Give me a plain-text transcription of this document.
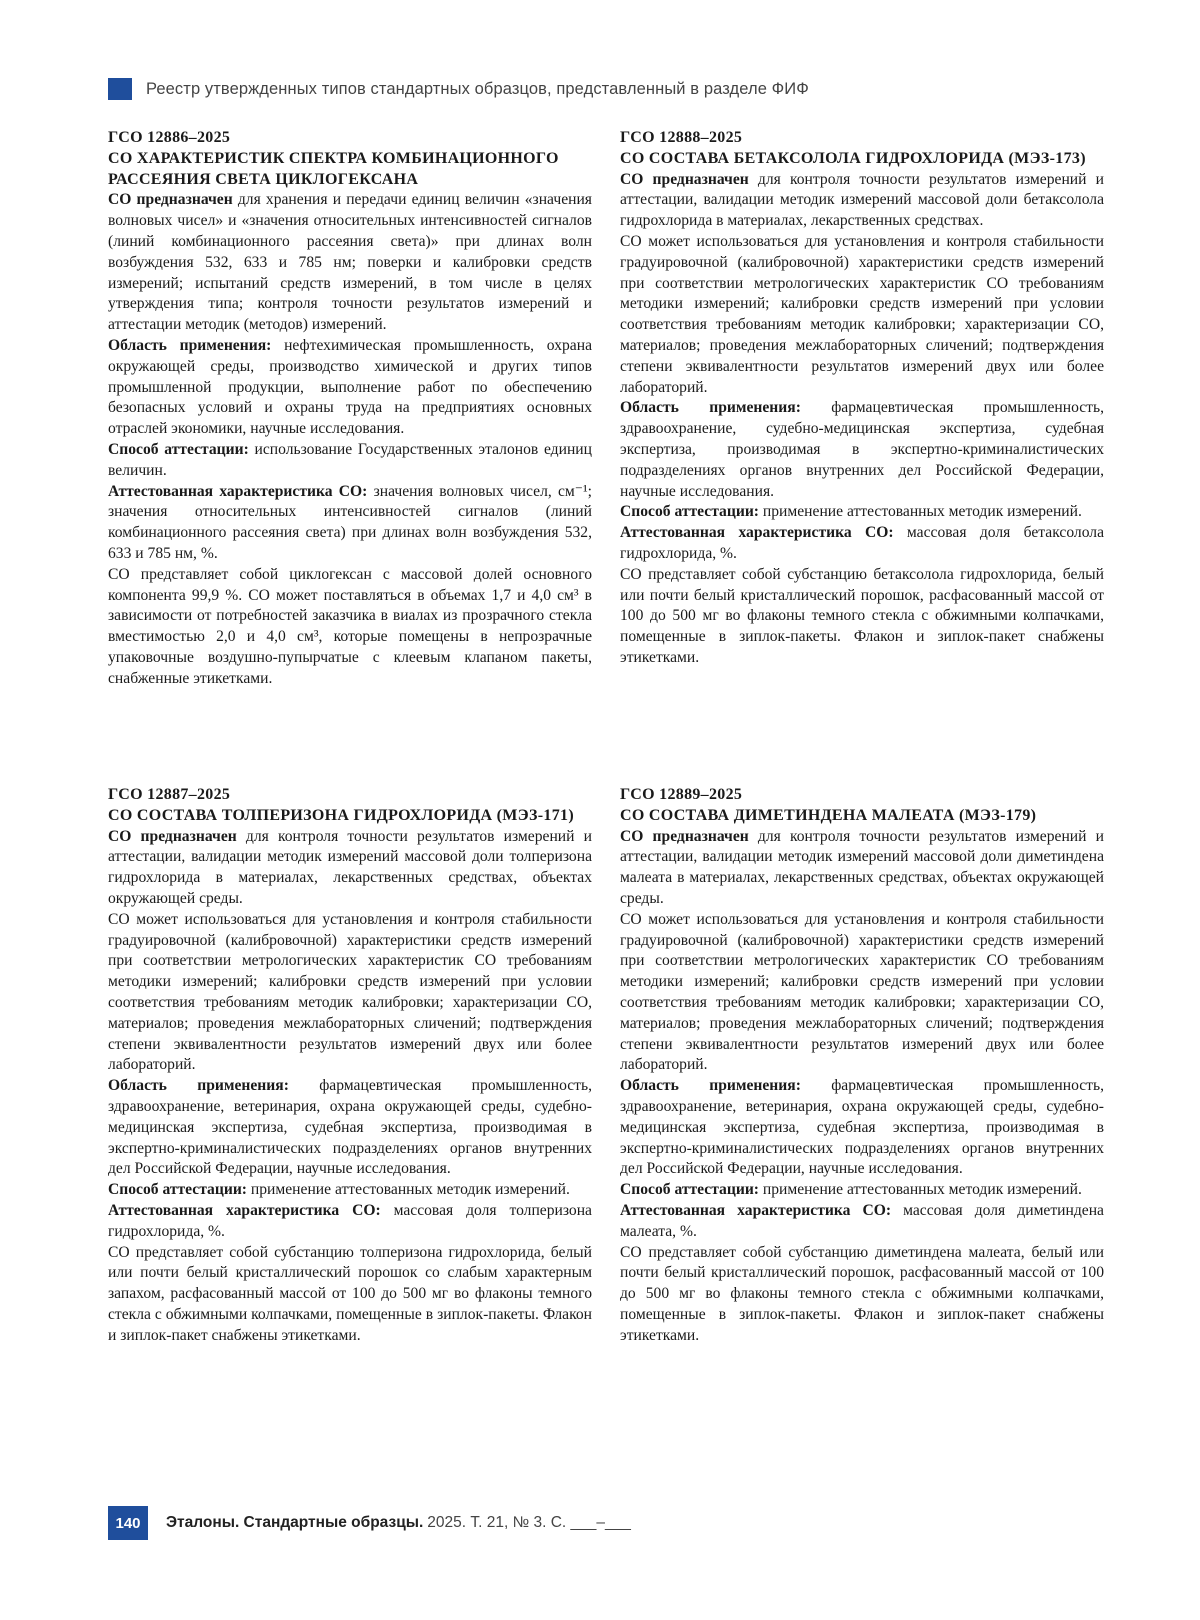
Реестр утвержденных типов стандартных образцов, представленный в разделе ФИФ
ГСО 12886–2025
СО ХАРАКТЕРИСТИК СПЕКТРА КОМБИНАЦИОННОГО РАССЕЯНИЯ СВЕТА ЦИКЛОГЕКСАНА

СО предназначен для хранения и передачи единиц величин «значения волновых чисел» и «значения относительных интенсивностей сигналов (линий комбинационного рассеяния света)» при длинах волн возбуждения 532, 633 и 785 нм; поверки и калибровки средств измерений; испытаний средств измерений, в том числе в целях утверждения типа; контроля точности результатов измерений и аттестации методик (методов) измерений.

Область применения: нефтехимическая промышленность, охрана окружающей среды, производство химической и других типов промышленной продукции, выполнение работ по обеспечению безопасных условий и охраны труда на предприятиях основных отраслей экономики, научные исследования.

Способ аттестации: использование Государственных эталонов единиц величин.

Аттестованная характеристика СО: значения волновых чисел, см⁻¹; значения относительных интенсивностей сигналов (линий комбинационного рассеяния света) при длинах волн возбуждения 532, 633 и 785 нм, %.

СО представляет собой циклогексан с массовой долей основного компонента 99,9 %. СО может поставляться в объемах 1,7 и 4,0 см³ в зависимости от потребностей заказчика в виалах из прозрачного стекла вместимостью 2,0 и 4,0 см³, которые помещены в непрозрачные упаковочные воздушно-пупырчатые с клеевым клапаном пакеты, снабженные этикетками.

ГСО 12888–2025
СО СОСТАВА БЕТАКСОЛОЛА ГИДРОХЛОРИДА (МЭЗ-173)

СО предназначен для контроля точности результатов измерений и аттестации, валидации методик измерений массовой доли бетаксолола гидрохлорида в материалах, лекарственных средствах.

СО может использоваться для установления и контроля стабильности градуировочной (калибровочной) характеристики средств измерений при соответствии метрологических характеристик СО требованиям методики измерений; калибровки средств измерений при условии соответствия требованиям методик калибровки; характеризации СО, материалов; проведения межлабораторных сличений; подтверждения степени эквивалентности результатов измерений двух или более лабораторий.

Область применения: фармацевтическая промышленность, здравоохранение, судебно-медицинская экспертиза, судебная экспертиза, производимая в экспертно-криминалистических подразделениях органов внутренних дел Российской Федерации, научные исследования.

Способ аттестации: применение аттестованных методик измерений.

Аттестованная характеристика СО: массовая доля бетаксолола гидрохлорида, %.

СО представляет собой субстанцию бетаксолола гидрохлорида, белый или почти белый кристаллический порошок, расфасованный массой от 100 до 500 мг во флаконы темного стекла с обжимными колпачками, помещенные в зиплок-пакеты. Флакон и зиплок-пакет снабжены этикетками.

ГСО 12887–2025
СО СОСТАВА ТОЛПЕРИЗОНА ГИДРОХЛОРИДА (МЭЗ-171)

СО предназначен для контроля точности результатов измерений и аттестации, валидации методик измерений массовой доли толперизона гидрохлорида в материалах, лекарственных средствах, объектах окружающей среды.

СО может использоваться для установления и контроля стабильности градуировочной (калибровочной) характеристики средств измерений при соответствии метрологических характеристик СО требованиям методики измерений; калибровки средств измерений при условии соответствия требованиям методик калибровки; характеризации СО, материалов; проведения межлабораторных сличений; подтверждения степени эквивалентности результатов измерений двух или более лабораторий.

Область применения: фармацевтическая промышленность, здравоохранение, ветеринария, охрана окружающей среды, судебно-медицинская экспертиза, судебная экспертиза, производимая в экспертно-криминалистических подразделениях органов внутренних дел Российской Федерации, научные исследования.

Способ аттестации: применение аттестованных методик измерений.

Аттестованная характеристика СО: массовая доля толперизона гидрохлорида, %.

СО представляет собой субстанцию толперизона гидрохлорида, белый или почти белый кристаллический порошок со слабым характерным запахом, расфасованный массой от 100 до 500 мг во флаконы темного стекла с обжимными колпачками, помещенные в зиплок-пакеты. Флакон и зиплок-пакет снабжены этикетками.

ГСО 12889–2025
СО СОСТАВА ДИМЕТИНДЕНА МАЛЕАТА (МЭЗ-179)

СО предназначен для контроля точности результатов измерений и аттестации, валидации методик измерений массовой доли диметиндена малеата в материалах, лекарственных средствах, объектах окружающей среды.

СО может использоваться для установления и контроля стабильности градуировочной (калибровочной) характеристики средств измерений при соответствии метрологических характеристик СО требованиям методики измерений; калибровки средств измерений при условии соответствия требованиям методик калибровки; характеризации СО, материалов; проведения межлабораторных сличений; подтверждения степени эквивалентности результатов измерений двух или более лабораторий.

Область применения: фармацевтическая промышленность, здравоохранение, ветеринария, охрана окружающей среды, судебно-медицинская экспертиза, судебная экспертиза, производимая в экспертно-криминалистических подразделениях органов внутренних дел Российской Федерации, научные исследования.

Способ аттестации: применение аттестованных методик измерений.

Аттестованная характеристика СО: массовая доля диметиндена малеата, %.

СО представляет собой субстанцию диметиндена малеата, белый или почти белый кристаллический порошок, расфасованный массой от 100 до 500 мг во флаконы темного стекла с обжимными колпачками, помещенные в зиплок-пакеты. Флакон и зиплок-пакет снабжены этикетками.

140	Эталоны. Стандартные образцы. 2025. Т. 21, № 3. С. ___–___
